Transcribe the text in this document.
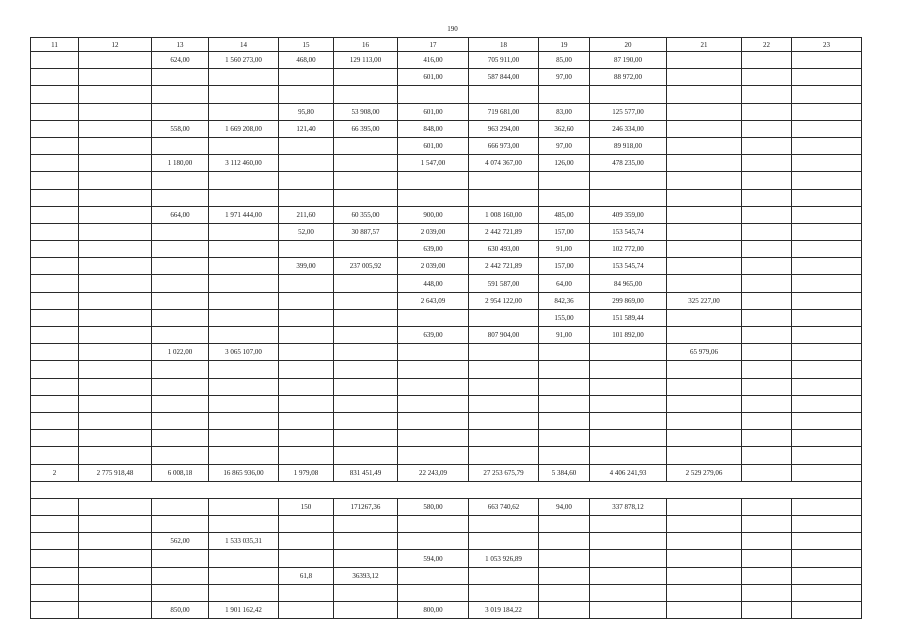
190
11	12	13	14	15	16	17	18	19	20	21	22	23
		624,00	1 560 273,00	468,00	129 113,00	416,00	705 911,00	85,00	87 190,00			
						601,00	587 844,00	97,00	88 972,00			

				95,80	53 908,00	601,00	719 681,00	83,00	125 577,00			
		558,00	1 669 208,00	121,40	66 395,00	848,00	963 294,00	362,60	246 334,00			
						601,00	666 973,00	97,00	89 918,00			
		1 180,00	3 112 460,00			1 547,00	4 074 367,00	126,00	478 235,00			

		664,00	1 971 444,00	211,60	60 355,00	900,00	1 008 160,00	485,00	409 359,00			
				52,00	30 887,57	2 039,00	2 442 721,89	157,00	153 545,74			
						639,00	630 493,00	91,00	102 772,00			
				399,00	237 005,92	2 039,00	2 442 721,89	157,00	153 545,74			
						448,00	591 587,00	64,00	84 965,00			
						2 643,09	2 954 122,00	842,36	299 869,00	325 227,00		
								155,00	151 589,44			
						639,00	807 904,00	91,00	101 892,00			
		1 022,00	3 065 107,00							65 979,06		

2	2 775 918,48	6 008,18	16 865 936,00	1 979,08	831 451,49	22 243,09	27 253 675,79	5 384,60	4 406 241,93	2 529 279,06		

				150	171267,36	580,00	663 740,62	94,00	337 878,12			

		562,00	1 533 035,31									
						594,00	1 053 926,89					
				61,8	36393,12							

		850,00	1 901 162,42			800,00	3 019 184,22					
